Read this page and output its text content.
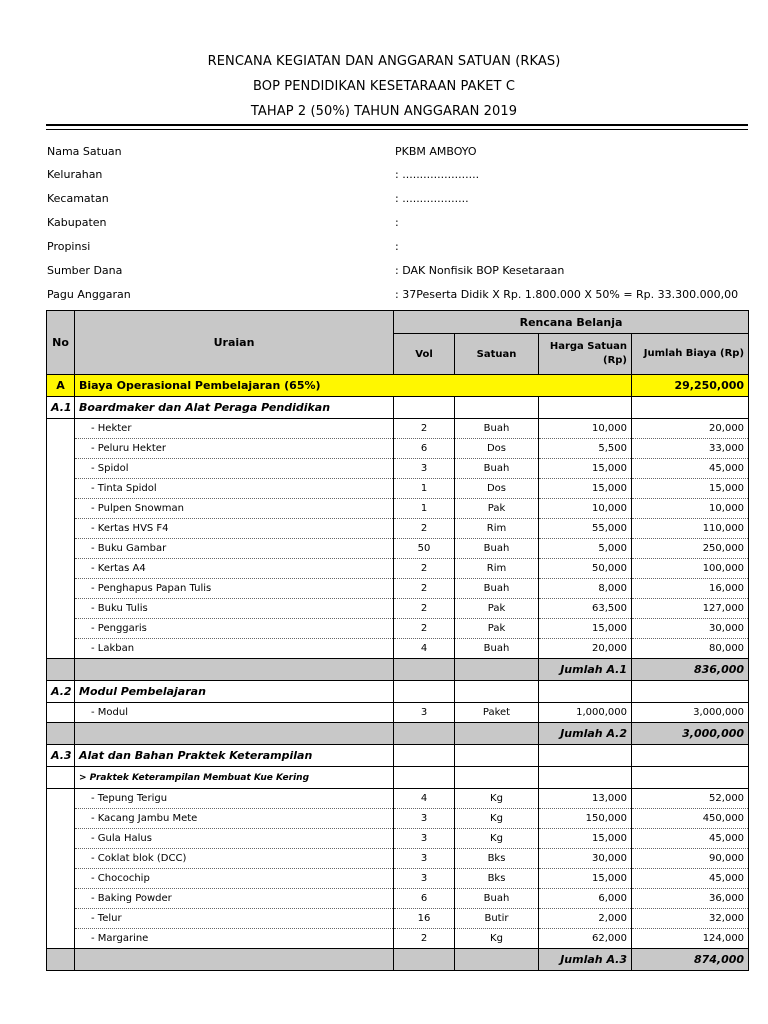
RENCANA KEGIATAN DAN ANGGARAN SATUAN (RKAS)
BOP PENDIDIKAN KESETARAAN PAKET C
TAHAP 2 (50%) TAHUN ANGGARAN 2019
Nama Satuan	PKBM AMBOYO
Kelurahan	: ......................
Kecamatan	: ...................
Kabupaten	:
Propinsi	:
Sumber Dana	: DAK Nonfisik BOP Kesetaraan
Pagu Anggaran	: 37Peserta Didik X Rp. 1.800.000 X 50% = Rp. 33.300.000,00
No	Uraian	Rencana Belanja			
		Vol	Satuan	Harga Satuan (Rp)	Jumlah Biaya (Rp)
A	Biaya Operasional Pembelajaran (65%)				29,250,000
A.1	Boardmaker dan Alat Peraga Pendidikan				
	- Hekter	2	Buah	10,000	20,000
	- Peluru Hekter	6	Dos	5,500	33,000
	- Spidol	3	Buah	15,000	45,000
	- Tinta Spidol	1	Dos	15,000	15,000
	- Pulpen Snowman	1	Pak	10,000	10,000
	- Kertas HVS F4	2	Rim	55,000	110,000
	- Buku Gambar	50	Buah	5,000	250,000
	- Kertas A4	2	Rim	50,000	100,000
	- Penghapus Papan Tulis	2	Buah	8,000	16,000
	- Buku Tulis	2	Pak	63,500	127,000
	- Penggaris	2	Pak	15,000	30,000
	- Lakban	4	Buah	20,000	80,000
				Jumlah A.1	836,000
A.2	Modul Pembelajaran				
	- Modul	3	Paket	1,000,000	3,000,000
				Jumlah A.2	3,000,000
A.3	Alat dan Bahan Praktek Keterampilan				
	> Praktek Keterampilan Membuat Kue Kering				
	- Tepung Terigu	4	Kg	13,000	52,000
	- Kacang Jambu Mete	3	Kg	150,000	450,000
	- Gula Halus	3	Kg	15,000	45,000
	- Coklat blok (DCC)	3	Bks	30,000	90,000
	- Chocochip	3	Bks	15,000	45,000
	- Baking Powder	6	Buah	6,000	36,000
	- Telur	16	Butir	2,000	32,000
	- Margarine	2	Kg	62,000	124,000
				Jumlah A.3	874,000
